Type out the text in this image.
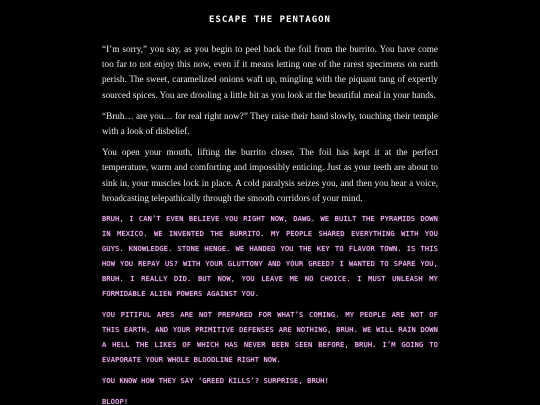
ESCAPE THE PENTAGON

“I’m sorry,” you say, as you begin to peel back the foil from the burrito. You have come too far to not enjoy this now, even if it means letting one of the rarest specimens on earth perish. The sweet, caramelized onions waft up, mingling with the piquant tang of expertly sourced spices. You are drooling a little bit as you look at the beautiful meal in your hands.

“Bruh… are you… for real right now?” They raise their hand slowly, touching their temple with a look of disbelief.

You open your mouth, lifting the burrito closer. The foil has kept it at the perfect temperature, warm and comforting and impossibly enticing. Just as your teeth are about to sink in, your muscles lock in place. A cold paralysis seizes you, and then you hear a voice, broadcasting telepathically through the smooth corridors of your mind.

BRUH, I CAN’T EVEN BELIEVE YOU RIGHT NOW, DAWG. WE BUILT THE PYRAMIDS DOWN IN MEXICO. WE INVENTED THE BURRITO. MY PEOPLE SHARED EVERYTHING WITH YOU GUYS. KNOWLEDGE. STONE HENGE. WE HANDED YOU THE KEY TO FLAVOR TOWN. IS THIS HOW YOU REPAY US? WITH YOUR GLUTTONY AND YOUR GREED? I WANTED TO SPARE YOU, BRUH. I REALLY DID. BUT NOW, YOU LEAVE ME NO CHOICE. I MUST UNLEASH MY FORMIDABLE ALIEN POWERS AGAINST YOU.

YOU PITIFUL APES ARE NOT PREPARED FOR WHAT’S COMING. MY PEOPLE ARE NOT OF THIS EARTH, AND YOUR PRIMITIVE DEFENSES ARE NOTHING, BRUH. WE WILL RAIN DOWN A HELL THE LIKES OF WHICH HAS NEVER BEEN SEEN BEFORE, BRUH. I’M GOING TO EVAPORATE YOUR WHOLE BLOODLINE RIGHT NOW.

YOU KNOW HOW THEY SAY ‘GREED KILLS’? SURPRISE, BRUH!

BLOOP!
